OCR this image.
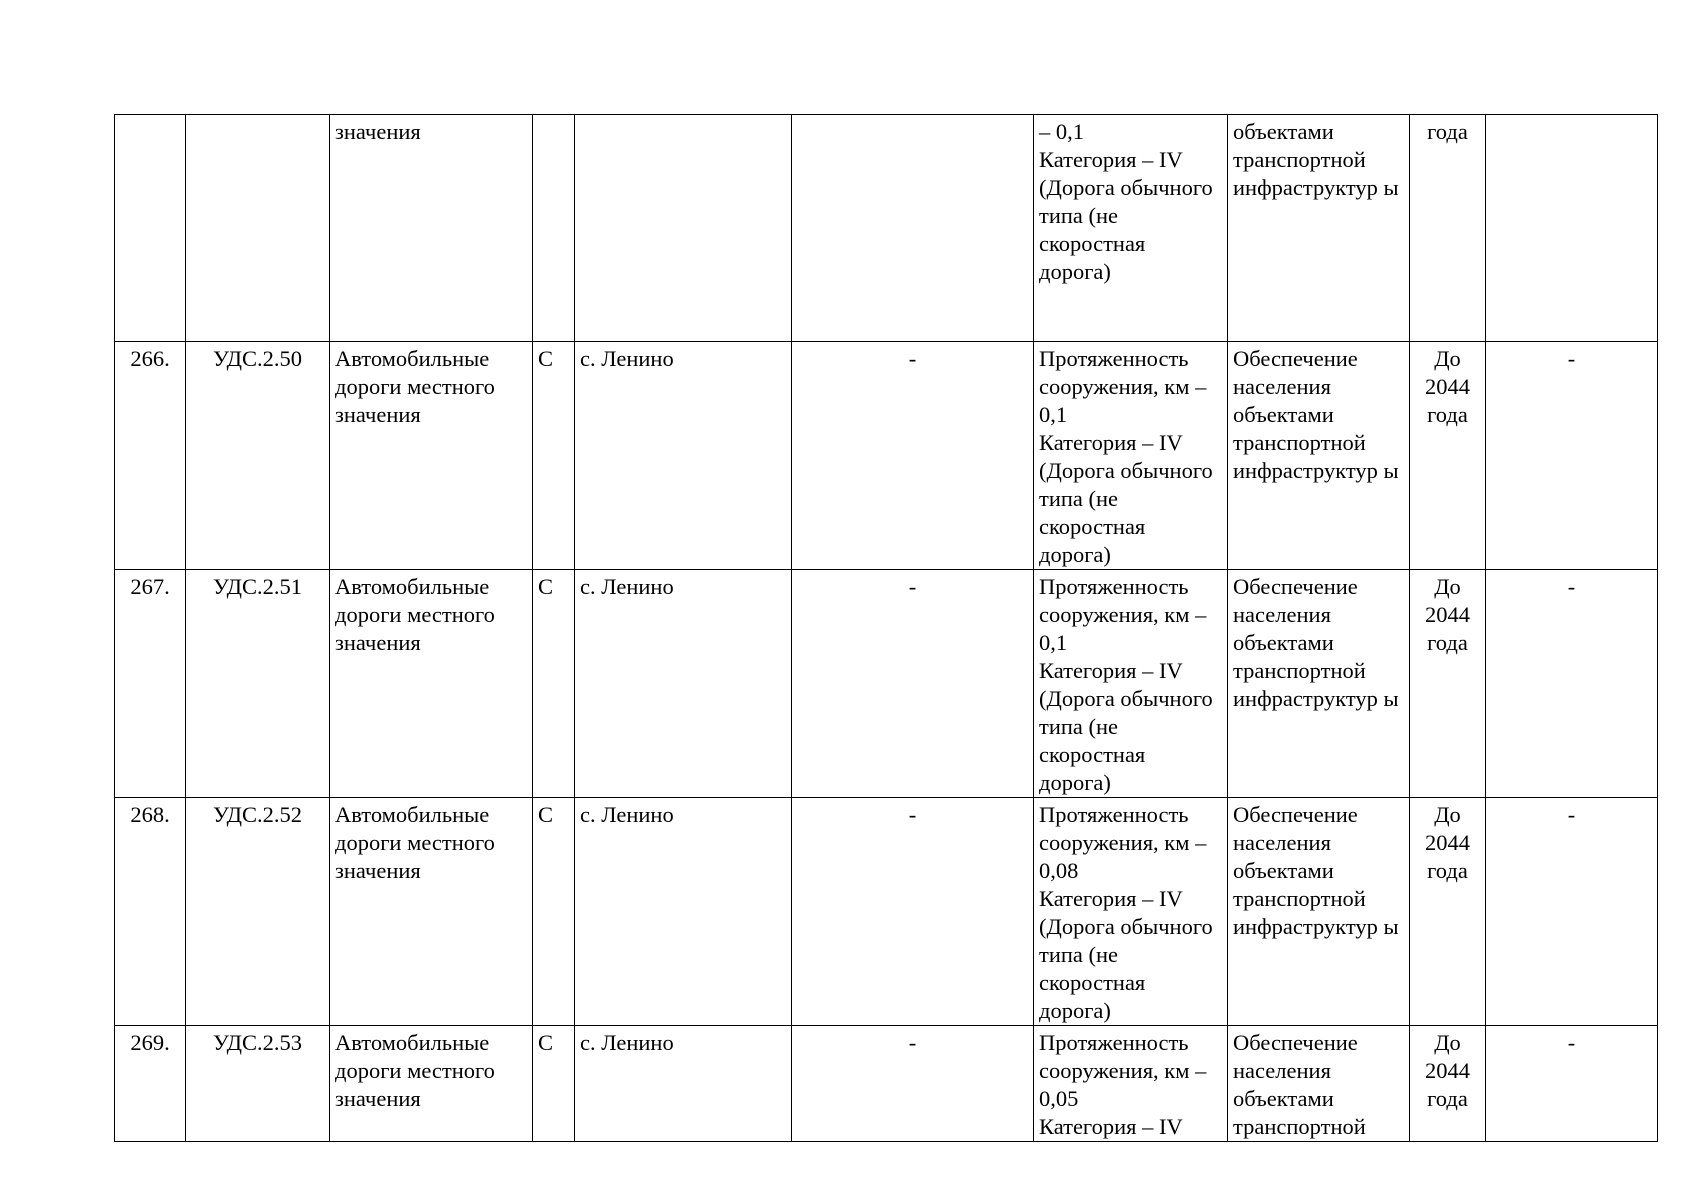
		значения				– 0,1
Категория – IV
(Дорога обычного типа (не скоростная дорога)	объектами транспортной инфраструктур ы	года	
266.	УДС.2.50	Автомобильные дороги местного значения	С	с. Ленино	-	Протяженность сооружения, км – 0,1
Категория – IV
(Дорога обычного типа (не скоростная дорога)	Обеспечение населения объектами транспортной инфраструктур ы	До 2044 года	-
267.	УДС.2.51	Автомобильные дороги местного значения	С	с. Ленино	-	Протяженность сооружения, км – 0,1
Категория – IV
(Дорога обычного типа (не скоростная дорога)	Обеспечение населения объектами транспортной инфраструктур ы	До 2044 года	-
268.	УДС.2.52	Автомобильные дороги местного значения	С	с. Ленино	-	Протяженность сооружения, км – 0,08
Категория – IV
(Дорога обычного типа (не скоростная дорога)	Обеспечение населения объектами транспортной инфраструктур ы	До 2044 года	-
269.	УДС.2.53	Автомобильные дороги местного значения	С	с. Ленино	-	Протяженность сооружения, км – 0,05
Категория – IV	Обеспечение населения объектами транспортной	До 2044 года	-
